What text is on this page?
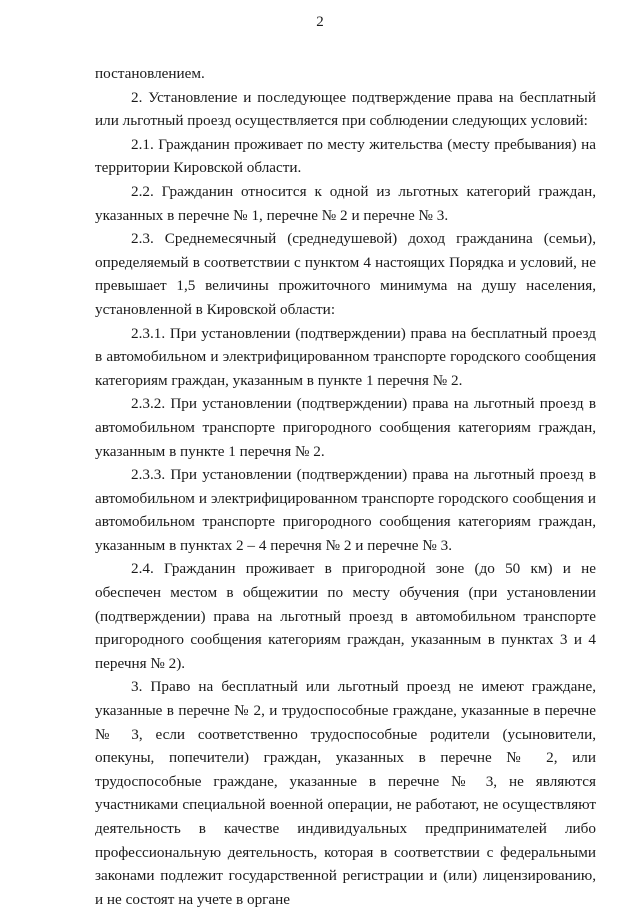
2

постановлением.

2. Установление и последующее подтверждение права на бесплатный или льготный проезд осуществляется при соблюдении следующих условий:

2.1. Гражданин проживает по месту жительства (месту пребывания) на территории Кировской области.

2.2. Гражданин относится к одной из льготных категорий граждан, указанных в перечне № 1, перечне № 2 и перечне № 3.

2.3. Среднемесячный (среднедушевой) доход гражданина (семьи), определяемый в соответствии с пунктом 4 настоящих Порядка и условий, не превышает 1,5 величины прожиточного минимума на душу населения, установленной в Кировской области:

2.3.1. При установлении (подтверждении) права на бесплатный проезд в автомобильном и электрифицированном транспорте городского сообщения категориям граждан, указанным в пункте 1 перечня № 2.

2.3.2. При установлении (подтверждении) права на льготный проезд в автомобильном транспорте пригородного сообщения категориям граждан, указанным в пункте 1 перечня № 2.

2.3.3. При установлении (подтверждении) права на льготный проезд в автомобильном и электрифицированном транспорте городского сообщения и автомобильном транспорте пригородного сообщения категориям граждан, указанным в пунктах 2 – 4 перечня № 2 и перечне № 3.

2.4. Гражданин проживает в пригородной зоне (до 50 км) и не обеспечен местом в общежитии по месту обучения (при установлении (подтверждении) права на льготный проезд в автомобильном транспорте пригородного сообщения категориям граждан, указанным в пунктах 3 и 4 перечня № 2).

3. Право на бесплатный или льготный проезд не имеют граждане, указанные в перечне № 2, и трудоспособные граждане, указанные в перечне № 3, если соответственно трудоспособные родители (усыновители, опекуны, попечители) граждан, указанных в перечне № 2, или трудоспособные граждане, указанные в перечне № 3, не являются участниками специальной военной операции, не работают, не осуществляют деятельность в качестве индивидуальных предпринимателей либо профессиональную деятельность, которая в соответствии с федеральными законами подлежит государственной регистрации и (или) лицензированию, и не состоят на учете в органе
